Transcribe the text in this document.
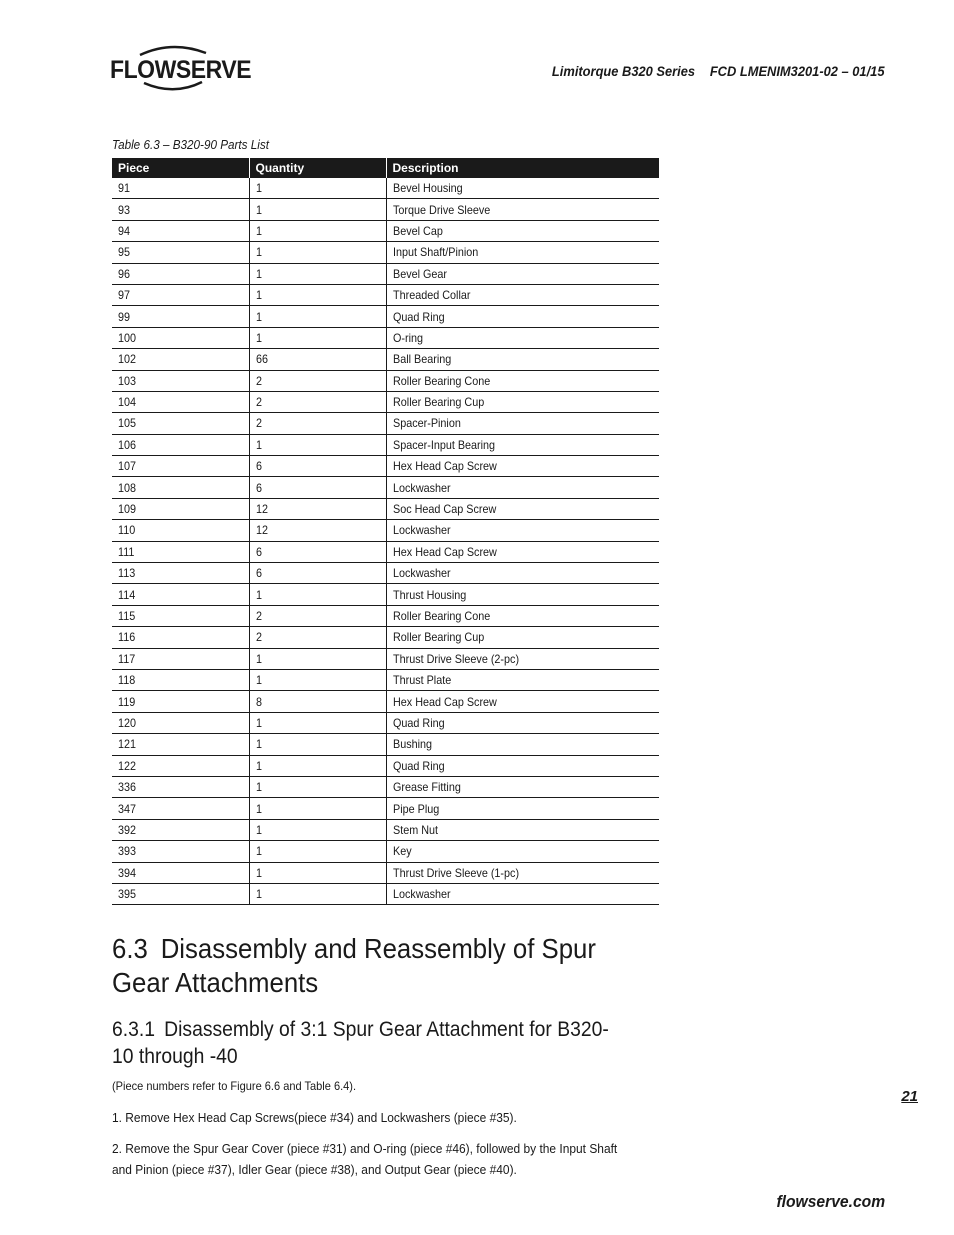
FLOWSERVE	Limitorque B320 Series FCD LMENIM3201-02 – 01/15
Table 6.3 – B320-90 Parts List
Piece	Quantity	Description
91	1	Bevel Housing
93	1	Torque Drive Sleeve
94	1	Bevel Cap
95	1	Input Shaft/Pinion
96	1	Bevel Gear
97	1	Threaded Collar
99	1	Quad Ring
100	1	O-ring
102	66	Ball Bearing
103	2	Roller Bearing Cone
104	2	Roller Bearing Cup
105	2	Spacer-Pinion
106	1	Spacer-Input Bearing
107	6	Hex Head Cap Screw
108	6	Lockwasher
109	12	Soc Head Cap Screw
110	12	Lockwasher
111	6	Hex Head Cap Screw
113	6	Lockwasher
114	1	Thrust Housing
115	2	Roller Bearing Cone
116	2	Roller Bearing Cup
117	1	Thrust Drive Sleeve (2-pc)
118	1	Thrust Plate
119	8	Hex Head Cap Screw
120	1	Quad Ring
121	1	Bushing
122	1	Quad Ring
336	1	Grease Fitting
347	1	Pipe Plug
392	1	Stem Nut
393	1	Key
394	1	Thrust Drive Sleeve (1-pc)
395	1	Lockwasher
6.3 Disassembly and Reassembly of Spur Gear Attachments
6.3.1 Disassembly of 3:1 Spur Gear Attachment for B320-10 through -40
(Piece numbers refer to Figure 6.6 and Table 6.4).
1. Remove Hex Head Cap Screws(piece #34) and Lockwashers (piece #35).
2. Remove the Spur Gear Cover (piece #31) and O-ring (piece #46), followed by the Input Shaft and Pinion (piece #37), Idler Gear (piece #38), and Output Gear (piece #40).
21
flowserve.com
